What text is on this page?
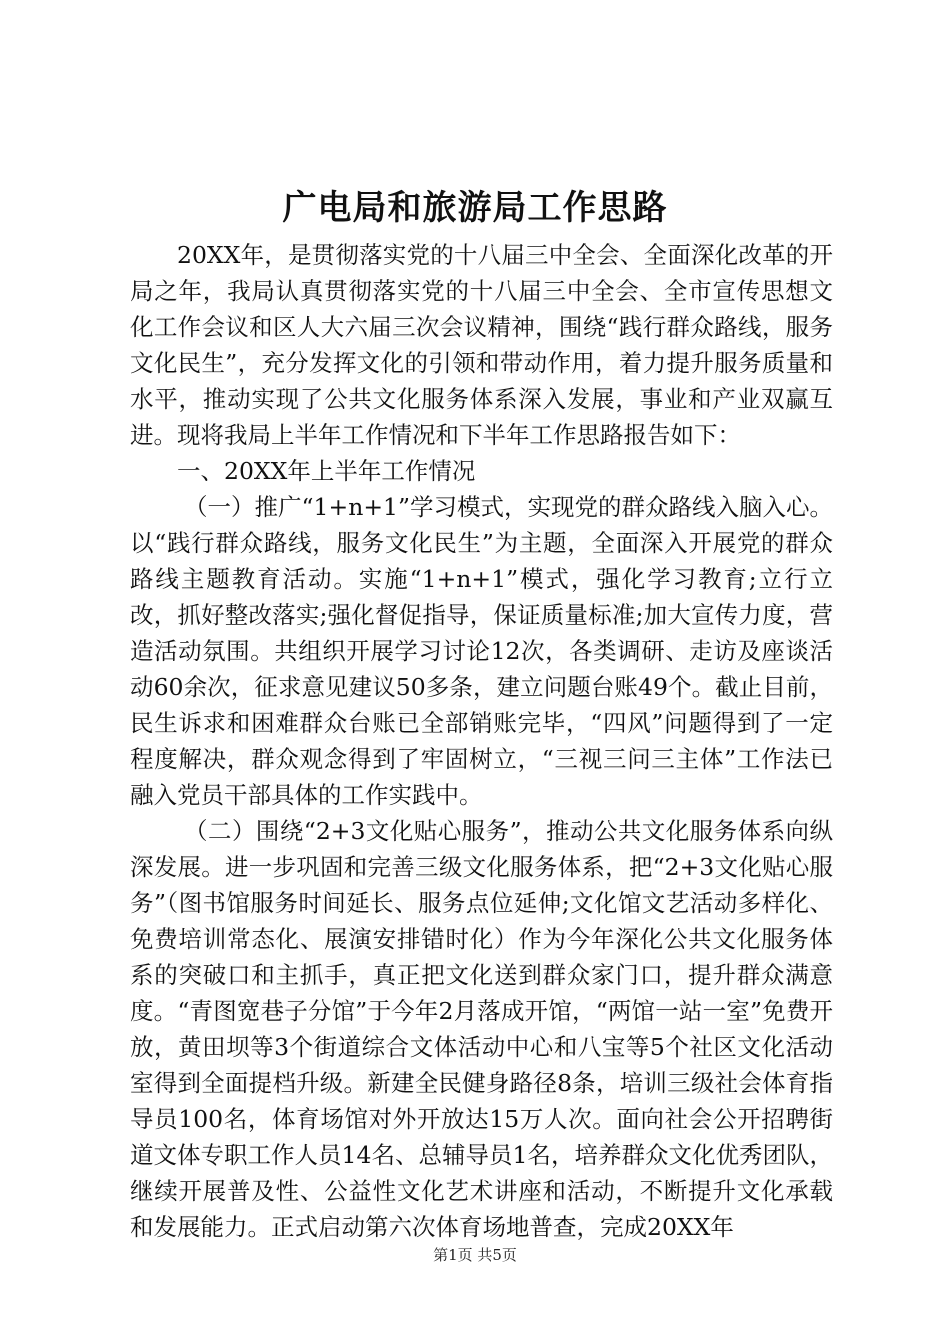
广电局和旅游局工作思路

20XX年，是贯彻落实党的十八届三中全会、全面深化改革的开局之年，我局认真贯彻落实党的十八届三中全会、全市宣传思想文化工作会议和区人大六届三次会议精神，围绕“践行群众路线，服务文化民生”，充分发挥文化的引领和带动作用，着力提升服务质量和水平，推动实现了公共文化服务体系深入发展，事业和产业双赢互进。现将我局上半年工作情况和下半年工作思路报告如下：

一、20XX年上半年工作情况

（一）推广“1+n+1”学习模式，实现党的群众路线入脑入心。以“践行群众路线，服务文化民生”为主题，全面深入开展党的群众路线主题教育活动。实施“1+n+1”模式，强化学习教育;立行立改，抓好整改落实;强化督促指导，保证质量标准;加大宣传力度，营造活动氛围。共组织开展学习讨论12次，各类调研、走访及座谈活动60余次，征求意见建议50多条，建立问题台账49个。截止目前，民生诉求和困难群众台账已全部销账完毕，“四风”问题得到了一定程度解决，群众观念得到了牢固树立，“三视三问三主体”工作法已融入党员干部具体的工作实践中。

（二）围绕“2+3文化贴心服务”，推动公共文化服务体系向纵深发展。进一步巩固和完善三级文化服务体系，把“2+3文化贴心服务”（图书馆服务时间延长、服务点位延伸;文化馆文艺活动多样化、免费培训常态化、展演安排错时化）作为今年深化公共文化服务体系的突破口和主抓手，真正把文化送到群众家门口，提升群众满意度。“青图宽巷子分馆”于今年2月落成开馆，“两馆一站一室”免费开放，黄田坝等3个街道综合文体活动中心和八宝等5个社区文化活动室得到全面提档升级。新建全民健身路径8条，培训三级社会体育指导员100名，体育场馆对外开放达15万人次。面向社会公开招聘街道文体专职工作人员14名、总辅导员1名，培养群众文化优秀团队，继续开展普及性、公益性文化艺术讲座和活动，不断提升文化承载和发展能力。正式启动第六次体育场地普查，完成20XX年

第1页 共5页
